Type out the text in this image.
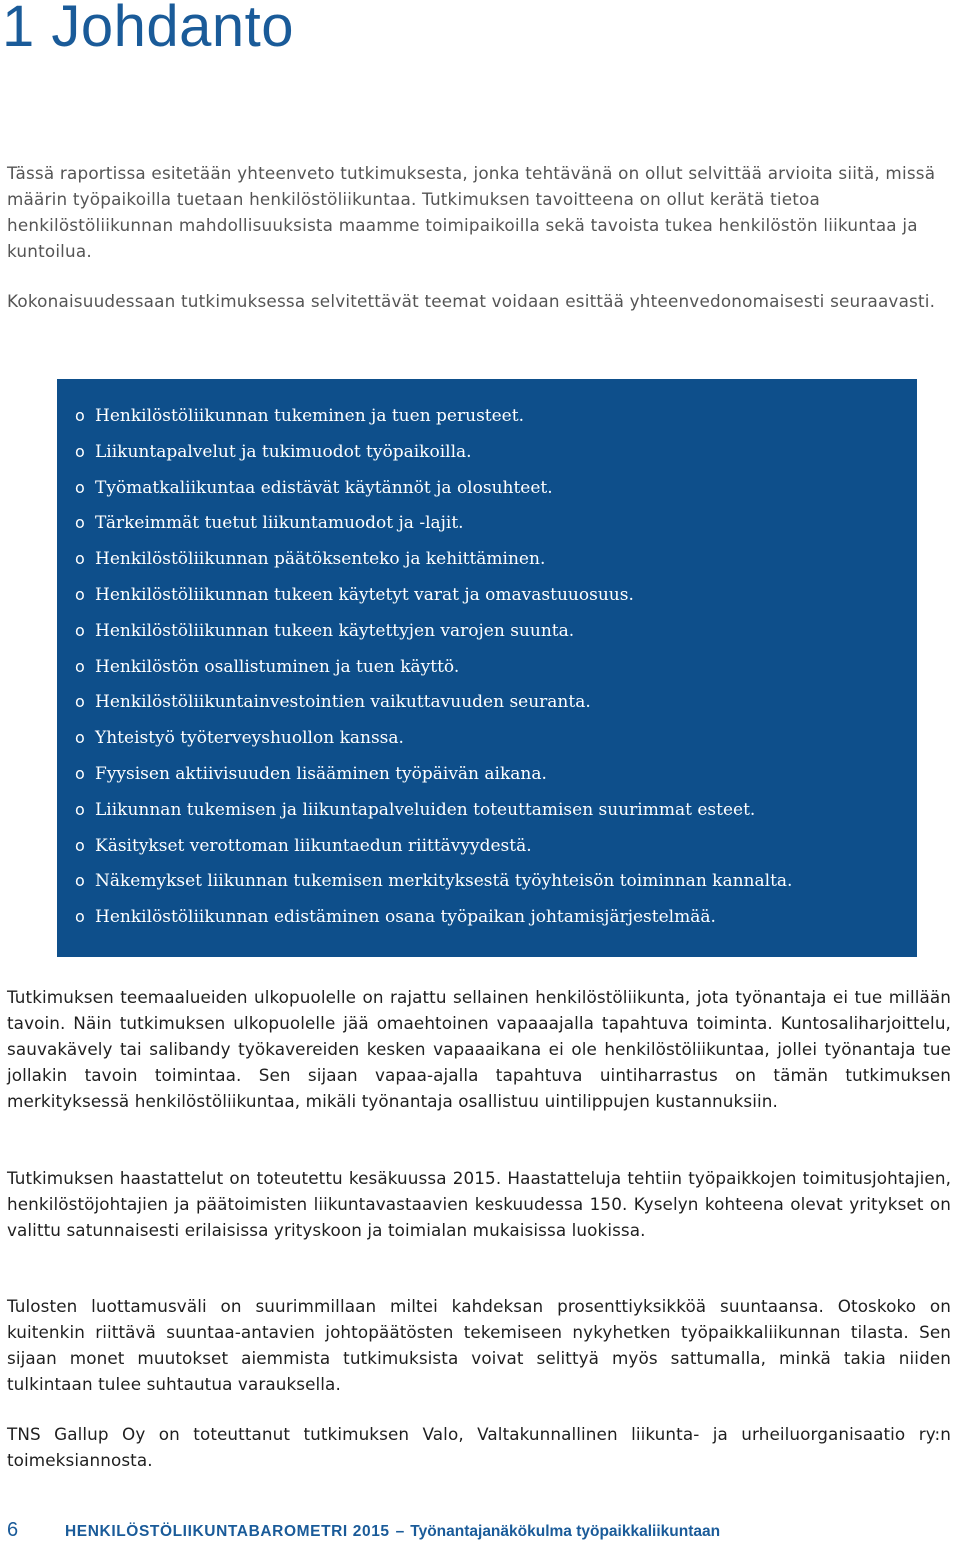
1 Johdanto

Tässä raportissa esitetään yhteenveto tutkimuksesta, jonka tehtävänä on ollut selvittää arvioita siitä, missä määrin työpaikoilla tuetaan henkilöstöliikuntaa. Tutkimuksen tavoitteena on ollut kerätä tietoa henkilöstöliikunnan mahdollisuuksista maamme toimipaikoilla sekä tavoista tukea henkilöstön liikuntaa ja kuntoilua.

Kokonaisuudessaan tutkimuksessa selvitettävät teemat voidaan esittää yhteenvedonomaisesti seuraavasti.

o Henkilöstöliikunnan tukeminen ja tuen perusteet.
o Liikuntapalvelut ja tukimuodot työpaikoilla.
o Työmatkaliikuntaa edistävät käytännöt ja olosuhteet.
o Tärkeimmät tuetut liikuntamuodot ja -lajit.
o Henkilöstöliikunnan päätöksenteko ja kehittäminen.
o Henkilöstöliikunnan tukeen käytetyt varat ja omavastuuosuus.
o Henkilöstöliikunnan tukeen käytettyjen varojen suunta.
o Henkilöstön osallistuminen ja tuen käyttö.
o Henkilöstöliikuntainvestointien vaikuttavuuden seuranta.
o Yhteistyö työterveyshuollon kanssa.
o Fyysisen aktiivisuuden lisääminen työpäivän aikana.
o Liikunnan tukemisen ja liikuntapalveluiden toteuttamisen suurimmat esteet.
o Käsitykset verottoman liikuntaedun riittävyydestä.
o Näkemykset liikunnan tukemisen merkityksestä työyhteisön toiminnan kannalta.
o Henkilöstöliikunnan edistäminen osana työpaikan johtamisjärjestelmää.

Tutkimuksen teemaalueiden ulkopuolelle on rajattu sellainen henkilöstöliikunta, jota työnantaja ei tue millään tavoin. Näin tutkimuksen ulkopuolelle jää omaehtoinen vapaaajalla tapahtuva toiminta. Kuntosaliharjoittelu, sauvakävely tai salibandy työkavereiden kesken vapaaaikana ei ole henkilöstöliikuntaa, jollei työnantaja tue jollakin tavoin toimintaa. Sen sijaan vapaa-ajalla tapahtuva uintiharrastus on tämän tutkimuksen merkityksessä henkilöstöliikuntaa, mikäli työnantaja osallistuu uintilippujen kustannuksiin.

Tutkimuksen haastattelut on toteutettu kesäkuussa 2015. Haastatteluja tehtiin työpaikkojen toimitusjohtajien, henkilöstöjohtajien ja päätoimisten liikuntavastaavien keskuudessa 150. Kyselyn kohteena olevat yritykset on valittu satunnaisesti erilaisissa yrityskoon ja toimialan mukaisissa luokissa.

Tulosten luottamusväli on suurimmillaan miltei kahdeksan prosenttiyksikköä suuntaansa. Otoskoko on kuitenkin riittävä suuntaa-antavien johtopäätösten tekemiseen nykyhetken työpaikkaliikunnan tilasta. Sen sijaan monet muutokset aiemmista tutkimuksista voivat selittyä myös sattumalla, minkä takia niiden tulkintaan tulee suhtautua varauksella.

TNS Gallup Oy on toteuttanut tutkimuksen Valo, Valtakunnallinen liikunta- ja urheiluorganisaatio ry:n toimeksiannosta.

6	HENKILÖSTÖLIIKUNTABAROMETRI 2015 – Työnantajanäkökulma työpaikkaliikuntaan
